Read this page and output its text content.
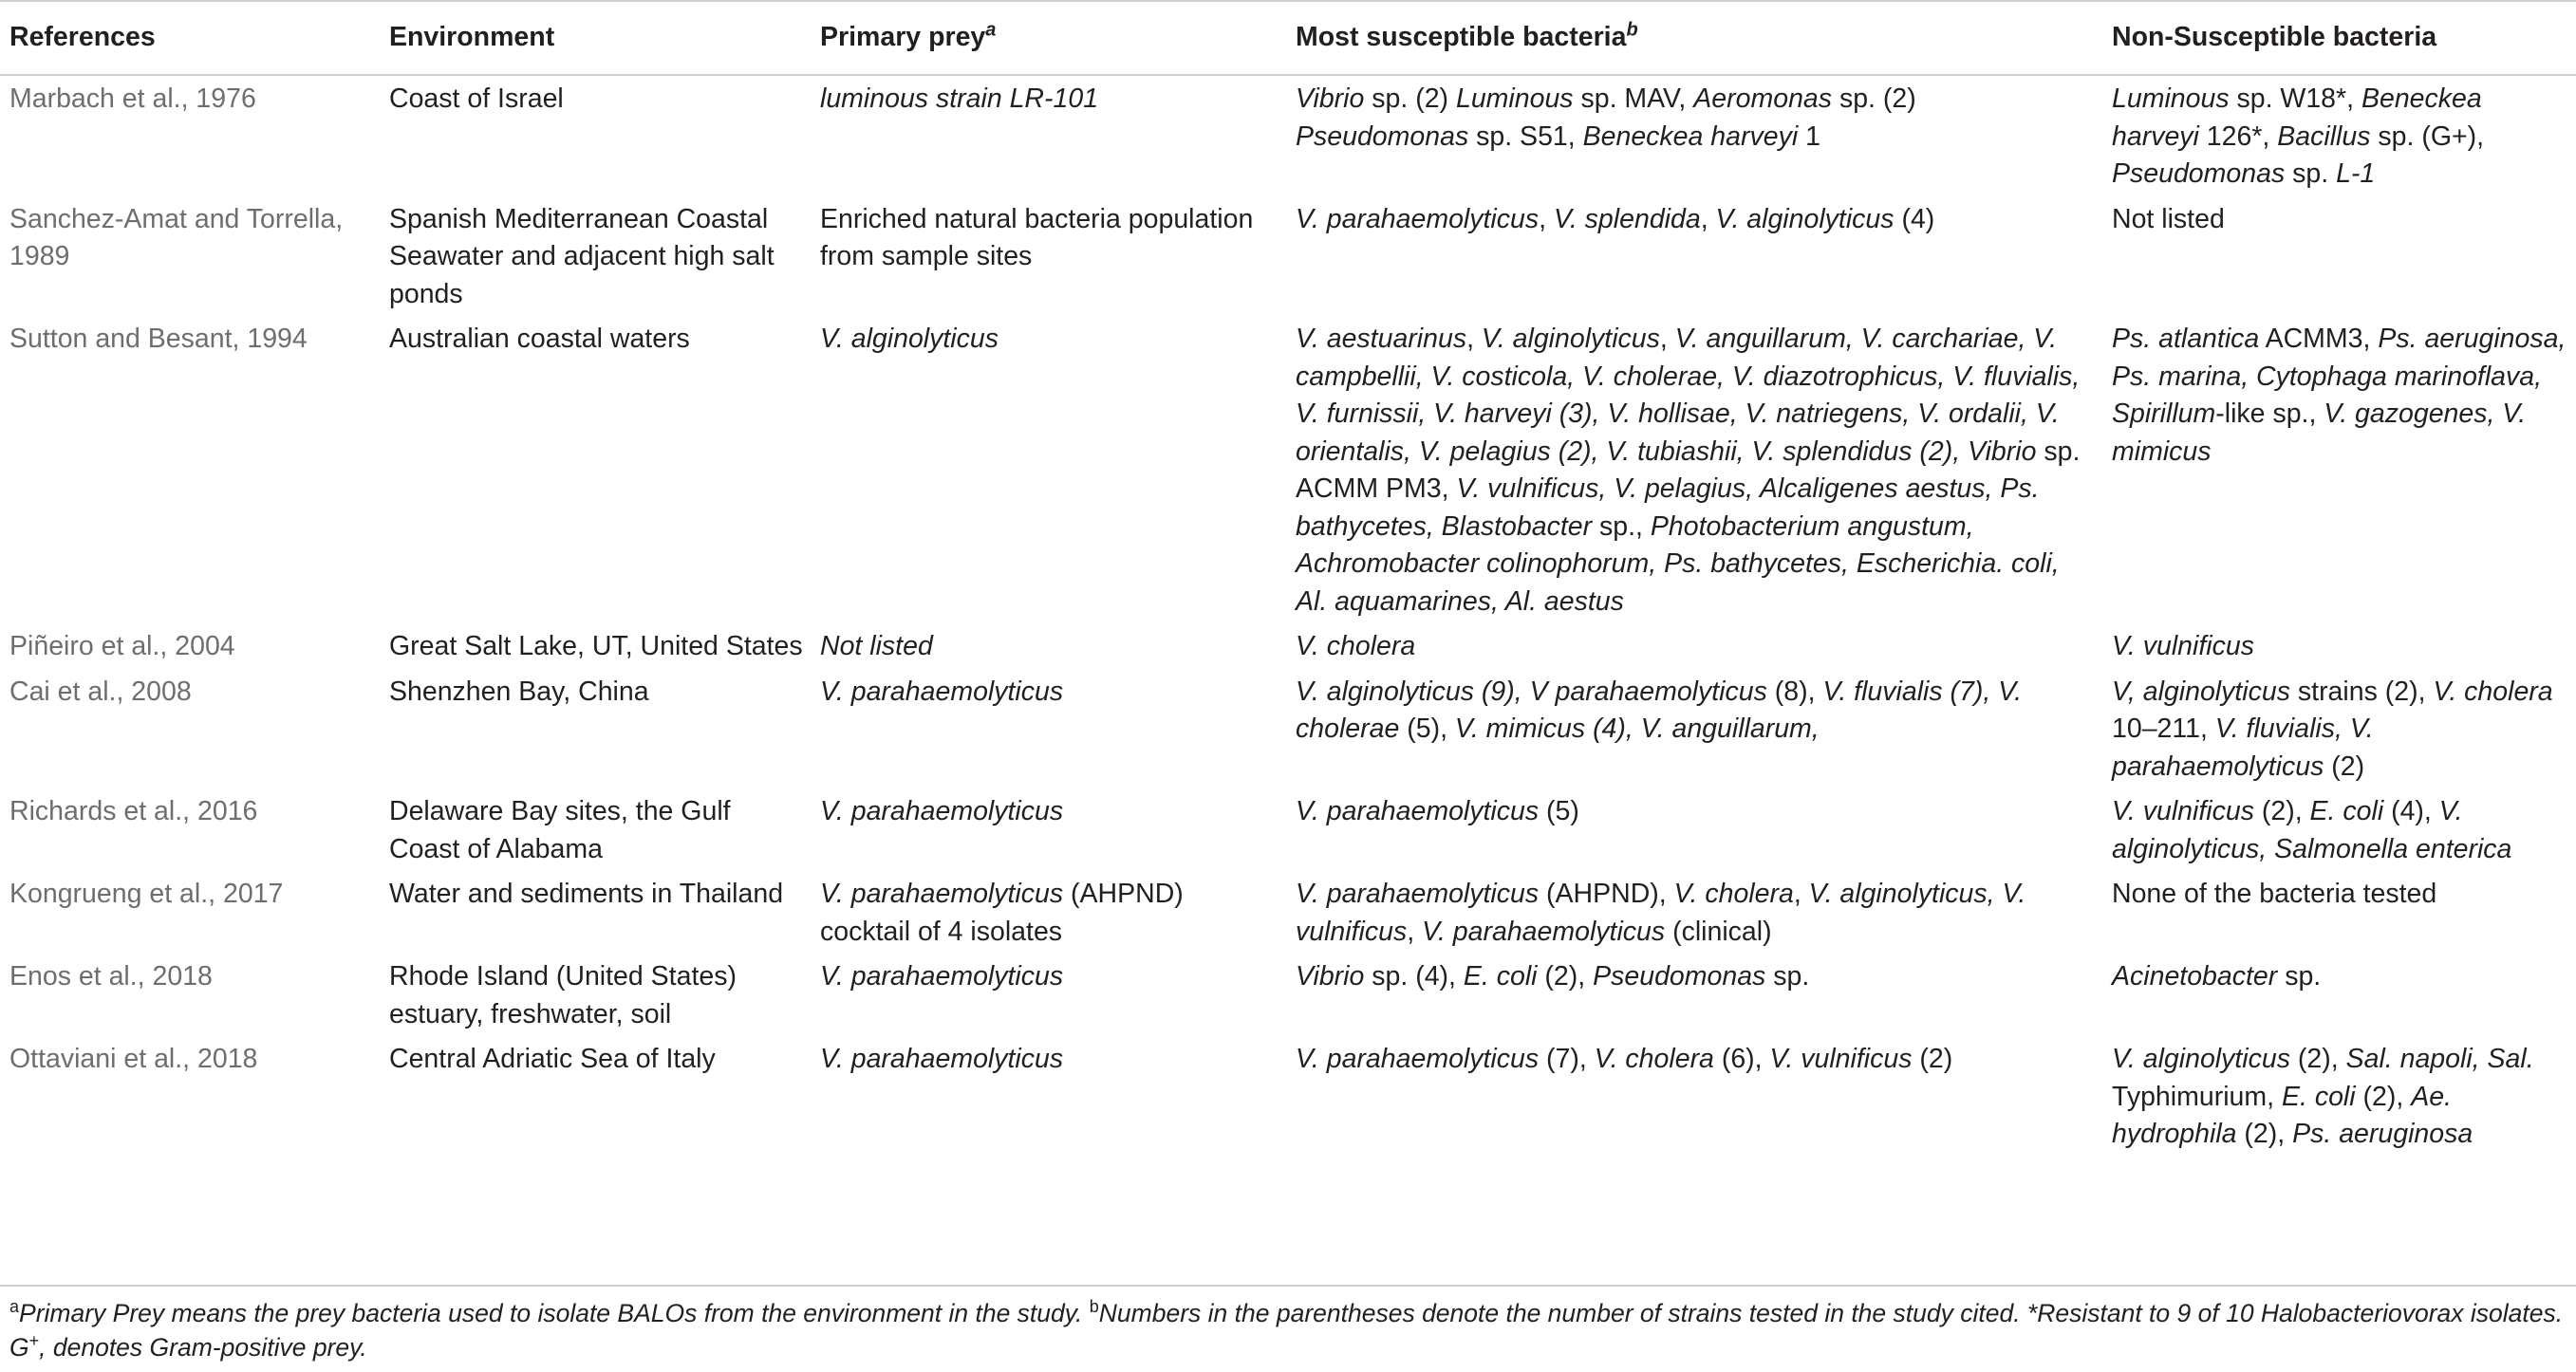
References	Environment	Primary prey$^a$	Most susceptible bacteria$^b$	Non-Susceptible bacteria
Marbach et al., 1976	Coast of Israel	luminous strain LR-101	Vibrio sp. (2) Luminous sp. MAV, Aeromonas sp. (2) Pseudomonas sp. S51, Beneckea harveyi 1	Luminous sp. W18*, Beneckea harveyi 126*, Bacillus sp. (G+), Pseudomonas sp. L-1
Sanchez-Amat and Torrella, 1989	Spanish Mediterranean Coastal Seawater and adjacent high salt ponds	Enriched natural bacteria population from sample sites	V. parahaemolyticus, V. splendida, V. alginolyticus (4)	Not listed
Sutton and Besant, 1994	Australian coastal waters	V. alginolyticus	V. aestuarinus, V. alginolyticus, V. anguillarum, V. carchariae, V. campbellii, V. costicola, V. cholerae, V. diazotrophicus, V. fluvialis, V. furnissii, V. harveyi (3), V. hollisae, V. natriegens, V. ordalii, V. orientalis, V. pelagius (2), V. tubiashii, V. splendidus (2), Vibrio sp. ACMM PM3, V. vulnificus, V. pelagius, Alcaligenes aestus, Ps. bathycetes, Blastobacter sp., Photobacterium angustum, Achromobacter colinophorum, Ps. bathycetes, Escherichia. coli, Al. aquamarines, Al. aestus	Ps. atlantica ACMM3, Ps. aeruginosa, Ps. marina, Cytophaga marinoflava, Spirillum-like sp., V. gazogenes, V. mimicus
Piñeiro et al., 2004	Great Salt Lake, UT, United States	Not listed	V. cholera	V. vulnificus
Cai et al., 2008	Shenzhen Bay, China	V. parahaemolyticus	V. alginolyticus (9), V parahaemolyticus (8), V. fluvialis (7), V. cholerae (5), V. mimicus (4), V. anguillarum,	V, alginolyticus strains (2), V. cholera 10–211, V. fluvialis, V. parahaemolyticus (2)
Richards et al., 2016	Delaware Bay sites, the Gulf Coast of Alabama	V. parahaemolyticus	V. parahaemolyticus (5)	V. vulnificus (2), E. coli (4), V. alginolyticus, Salmonella enterica
Kongrueng et al., 2017	Water and sediments in Thailand	V. parahaemolyticus (AHPND) cocktail of 4 isolates	V. parahaemolyticus (AHPND), V. cholera, V. alginolyticus, V. vulnificus, V. parahaemolyticus (clinical)	None of the bacteria tested
Enos et al., 2018	Rhode Island (United States) estuary, freshwater, soil	V. parahaemolyticus	Vibrio sp. (4), E. coli (2), Pseudomonas sp.	Acinetobacter sp.
Ottaviani et al., 2018	Central Adriatic Sea of Italy	V. parahaemolyticus	V. parahaemolyticus (7), V. cholera (6), V. vulnificus (2)	V. alginolyticus (2), Sal. napoli, Sal. Typhimurium, E. coli (2), Ae. hydrophila (2), Ps. aeruginosa
$^a$Primary Prey means the prey bacteria used to isolate BALOs from the environment in the study. $^b$Numbers in the parentheses denote the number of strains tested in the study cited. *Resistant to 9 of 10 Halobacteriovorax isolates. G+, denotes Gram-positive prey.
